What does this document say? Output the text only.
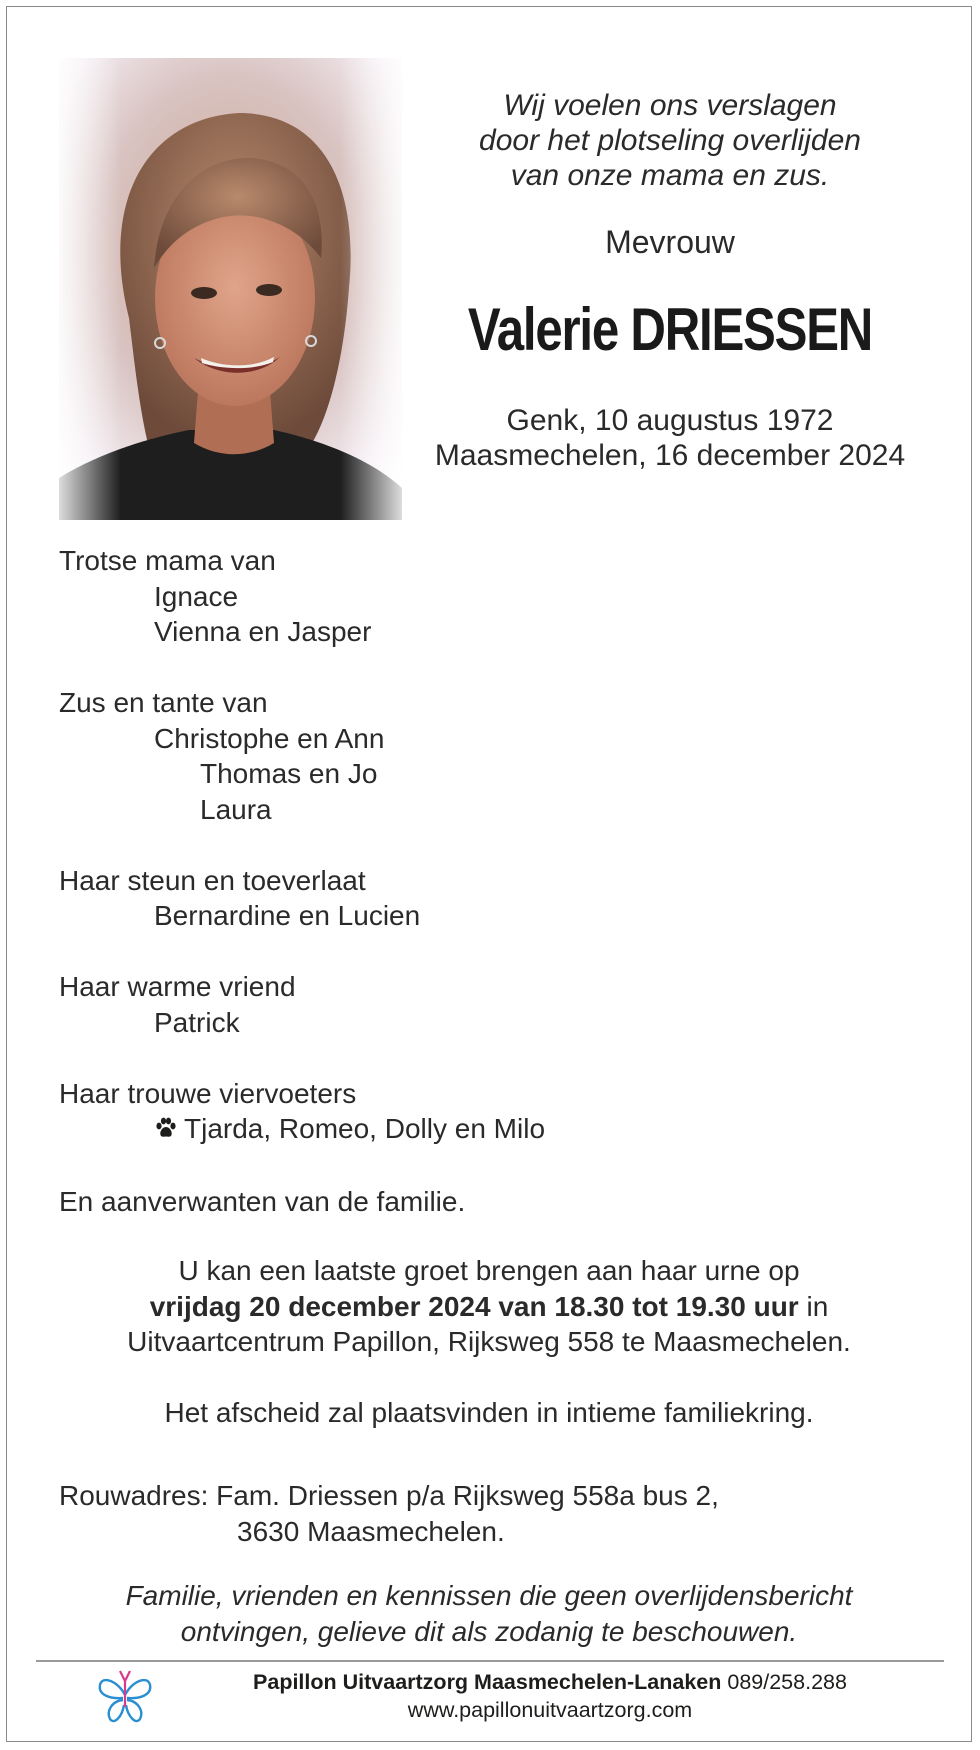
Wij voelen ons verslagen
door het plotseling overlijden
van onze mama en zus.
Mevrouw
Valerie DRIESSEN
Genk, 10 augustus 1972
Maasmechelen, 16 december 2024
Trotse mama van
Ignace
Vienna en Jasper
Zus en tante van
Christophe en Ann
Thomas en Jo
Laura
Haar steun en toeverlaat
Bernardine en Lucien
Haar warme vriend
Patrick
Haar trouwe viervoeters
Tjarda, Romeo, Dolly en Milo
En aanverwanten van de familie.
U kan een laatste groet brengen aan haar urne op
vrijdag 20 december 2024 van 18.30 tot 19.30 uur in
Uitvaartcentrum Papillon, Rijksweg 558 te Maasmechelen.
Het afscheid zal plaatsvinden in intieme familiekring.
Rouwadres: Fam. Driessen p/a Rijksweg 558a bus 2,
3630 Maasmechelen.
Familie, vrienden en kennissen die geen overlijdensbericht
ontvingen, gelieve dit als zodanig te beschouwen.
Papillon Uitvaartzorg Maasmechelen-Lanaken 089/258.288
www.papillonuitvaartzorg.com
